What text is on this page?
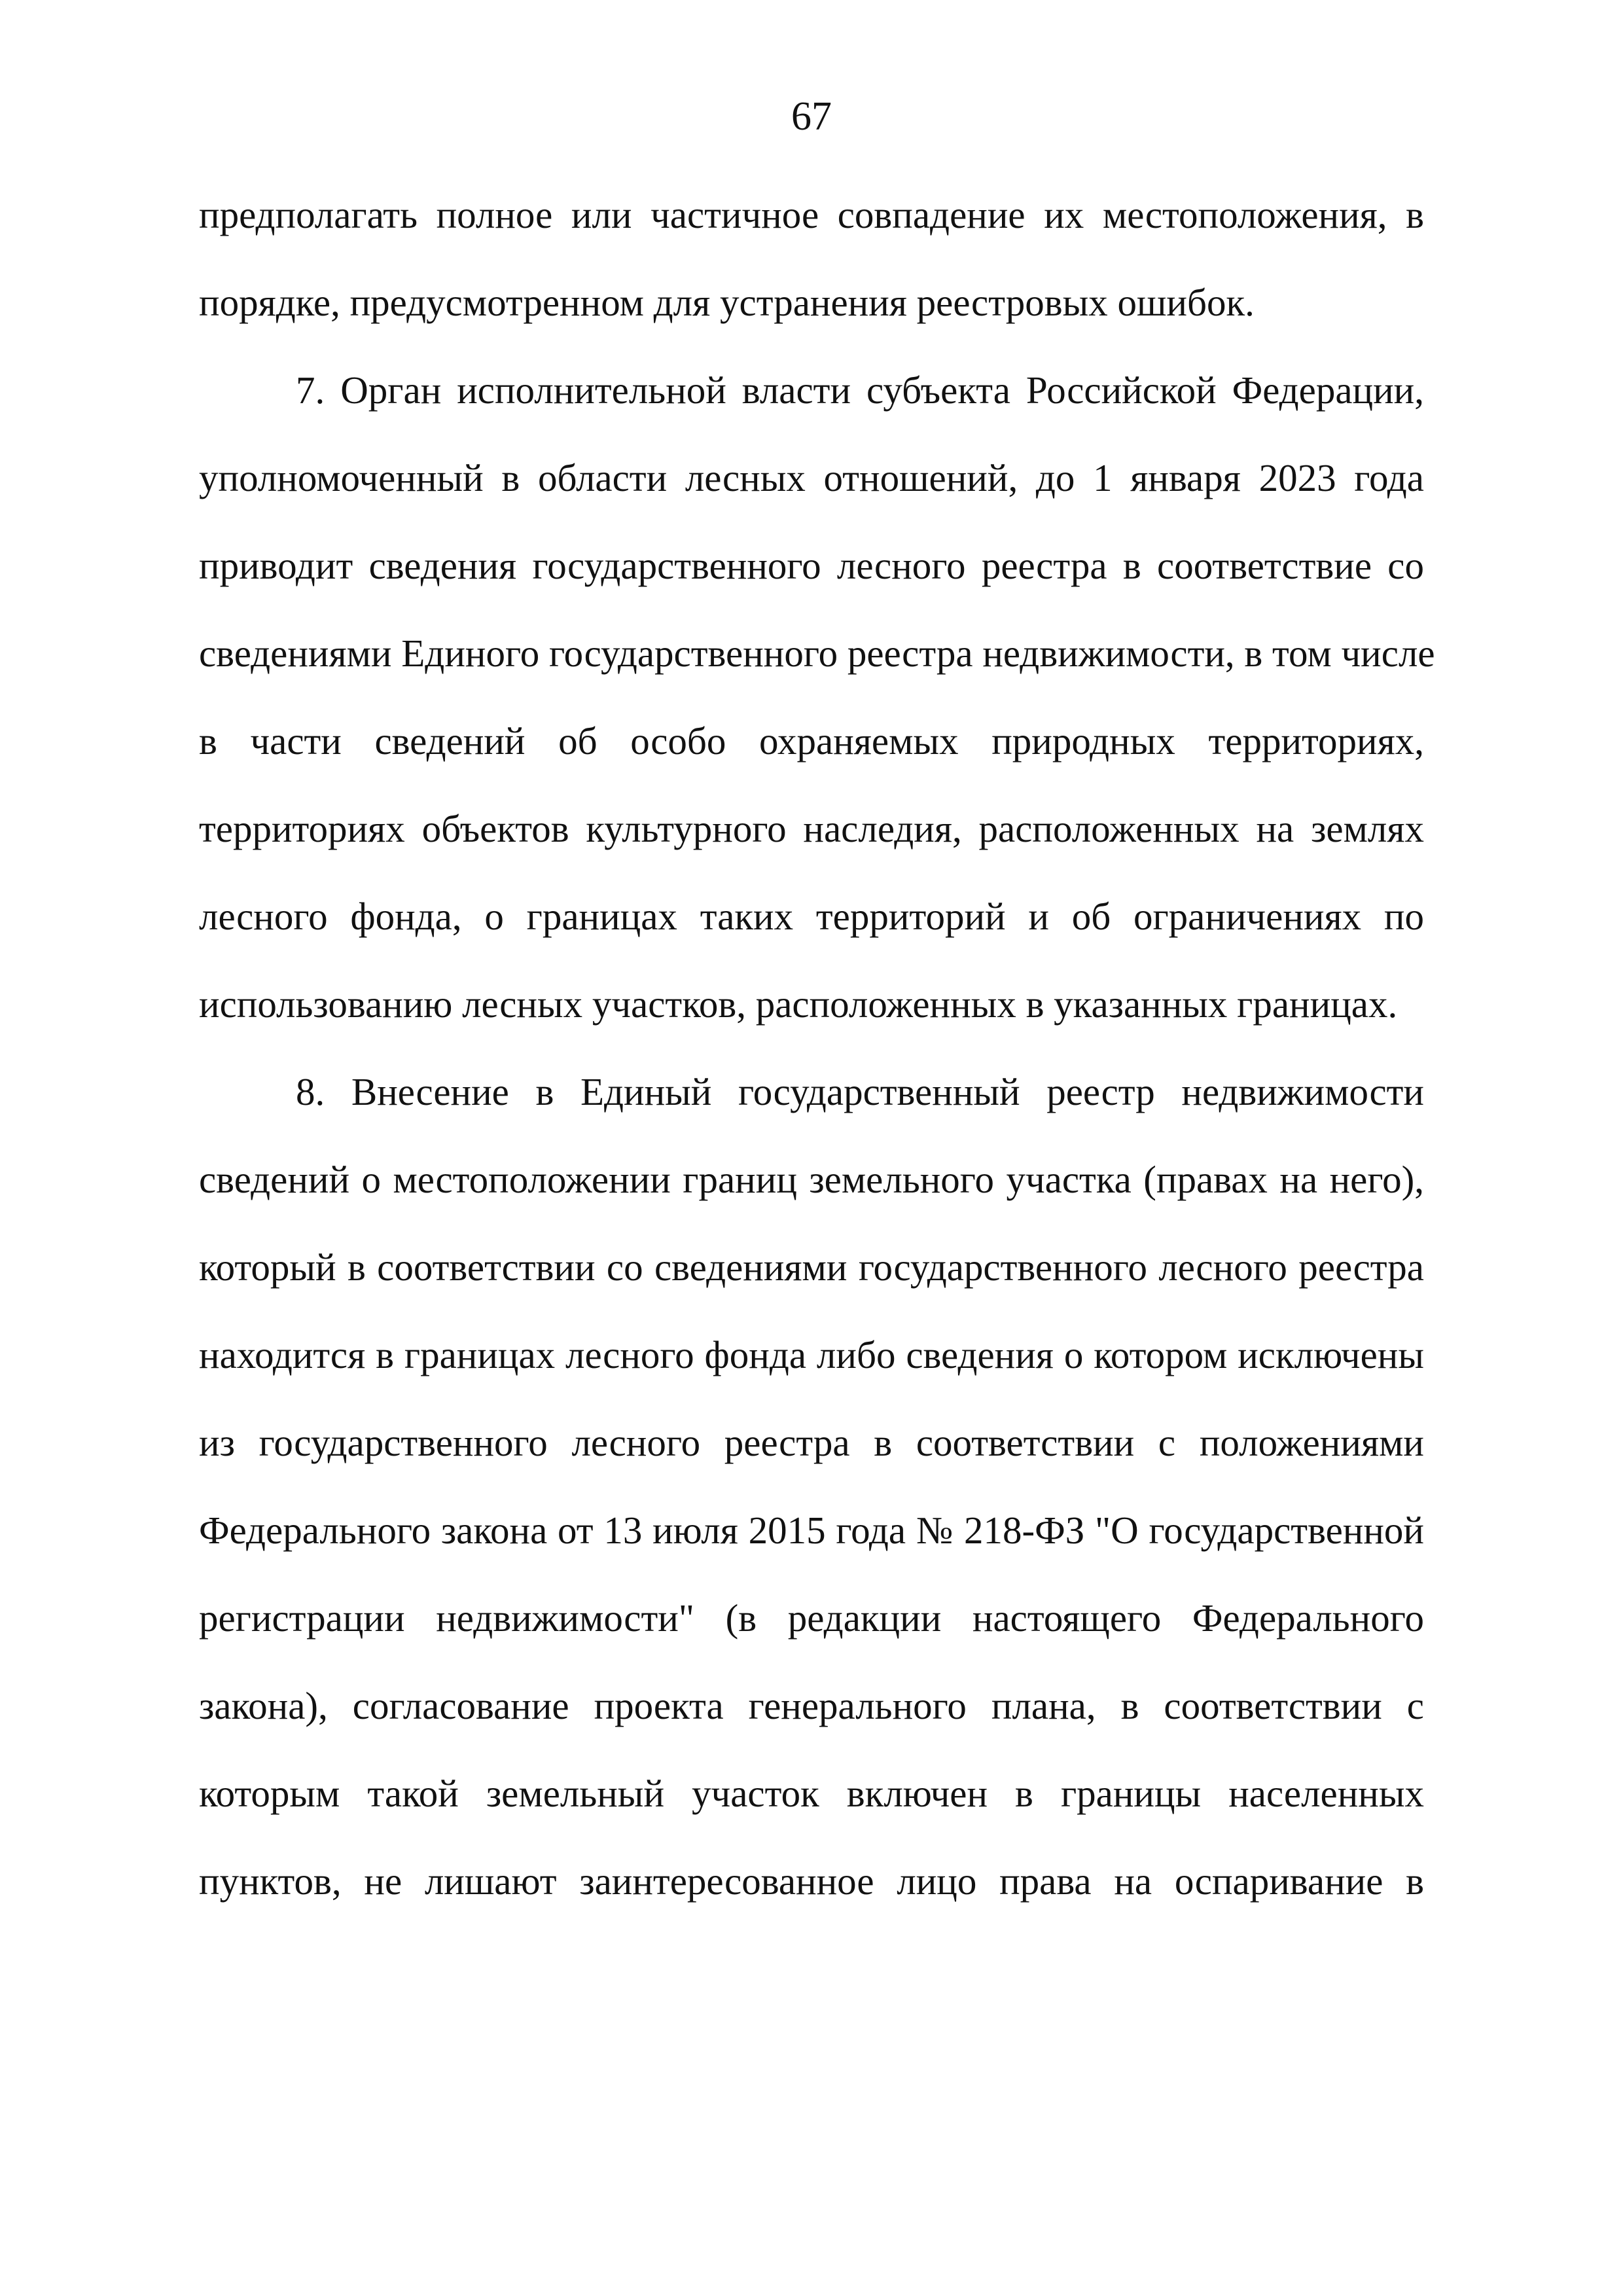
67
предполагать полное или частичное совпадение их местоположения, в
порядке, предусмотренном для устранения реестровых ошибок.
7. Орган исполнительной власти субъекта Российской Федерации,
уполномоченный в области лесных отношений, до 1 января 2023 года
приводит сведения государственного лесного реестра в соответствие со
сведениями Единого государственного реестра недвижимости, в том числе
в части сведений об особо охраняемых природных территориях,
территориях объектов культурного наследия, расположенных на землях
лесного фонда, о границах таких территорий и об ограничениях по
использованию лесных участков, расположенных в указанных границах.
8. Внесение в Единый государственный реестр недвижимости
сведений о местоположении границ земельного участка (правах на него),
который в соответствии со сведениями государственного лесного реестра
находится в границах лесного фонда либо сведения о котором исключены
из государственного лесного реестра в соответствии с положениями
Федерального закона от 13 июля 2015 года № 218-ФЗ "О государственной
регистрации недвижимости" (в редакции настоящего Федерального
закона), согласование проекта генерального плана, в соответствии с
которым такой земельный участок включен в границы населенных
пунктов, не лишают заинтересованное лицо права на оспаривание в
